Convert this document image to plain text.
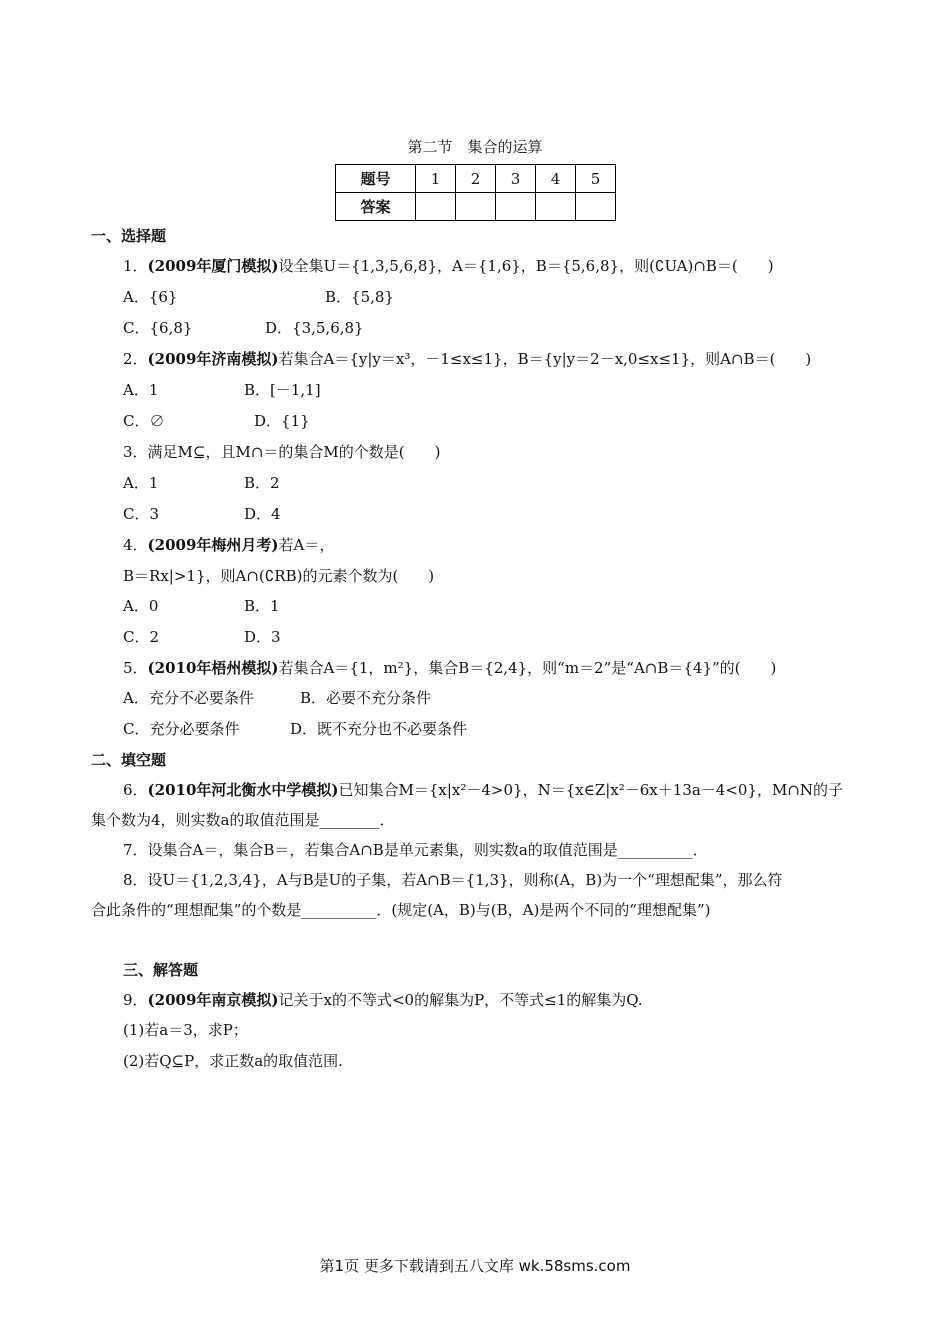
第二节　集合的运算
题号	1	2	3	4	5
答案					
一、选择题
1．(2009年厦门模拟)设全集U＝{1,3,5,6,8}，A＝{1,6}，B＝{5,6,8}，则(∁UA)∩B＝(　　)
A．{6}	B．{5,8}
C．{6,8}	D．{3,5,6,8}
2．(2009年济南模拟)若集合A＝{y|y＝x³，－1≤x≤1}，B＝{y|y＝2－x,0≤x≤1}，则A∩B＝(　　)
A．1	B．[－1,1]
C．∅	D．{1}
3．满足M⊆，且M∩＝的集合M的个数是(　　)
A．1	B．2
C．3	D．4
4．(2009年梅州月考)若A＝，
B＝Rx|>1}，则A∩(∁RB)的元素个数为(　　)
A．0	B．1
C．2	D．3
5．(2010年梧州模拟)若集合A＝{1，m²}，集合B＝{2,4}，则“m＝2”是“A∩B＝{4}”的(　　)
A．充分不必要条件	B．必要不充分条件
C．充分必要条件	D．既不充分也不必要条件
二、填空题
6．(2010年河北衡水中学模拟)已知集合M＝{x|x²－4>0}，N＝{x∈Z|x²－6x＋13a－4<0}，M∩N的子
集个数为4，则实数a的取值范围是________．
7．设集合A＝，集合B＝，若集合A∩B是单元素集，则实数a的取值范围是__________．
8．设U＝{1,2,3,4}，A与B是U的子集，若A∩B＝{1,3}，则称(A，B)为一个“理想配集”，那么符
合此条件的“理想配集”的个数是__________．(规定(A，B)与(B，A)是两个不同的“理想配集”)
三、解答题
9．(2009年南京模拟)记关于x的不等式<0的解集为P，不等式≤1的解集为Q.
(1)若a＝3，求P；
(2)若Q⊆P，求正数a的取值范围.
第1页 更多下载请到五八文库 wk.58sms.com
